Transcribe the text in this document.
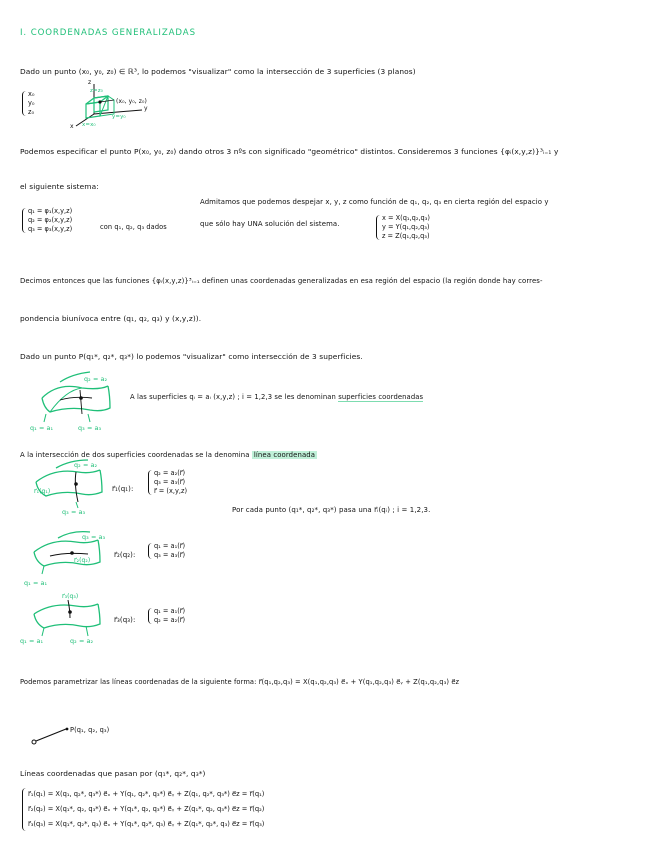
I. COORDENADAS GENERALIZADAS
Dado un punto (x₀, y₀, z₀) ∈ ℝ³, lo podemos "visualizar" como la intersección de 3 superficies (3 planos)
x₀
y₀
z₀
z
y
x
(x₀, y₀, z₀)
z=z₀
x=x₀
y=y₀
Podemos especificar el punto P(x₀, y₀, z₀) dando otros 3 nºs con significado "geométrico" distintos. Consideremos 3 funciones {φᵢ(x,y,z)}³ᵢ₌₁ y
el siguiente sistema:
q₁ = φ₁(x,y,z)
q₂ = φ₂(x,y,z)
q₃ = φ₃(x,y,z)	con q₁, q₂, q₃ dados
Admitamos que podemos despejar x, y, z como función de q₁, q₂, q₃ en cierta región del espacio y
que sólo hay UNA solución del sistema.
x = X(q₁,q₂,q₃)
y = Y(q₁,q₂,q₃)
z = Z(q₁,q₂,q₃)
Decimos entonces que las funciones {φᵢ(x,y,z)}³ᵢ₌₁ definen unas coordenadas generalizadas en esa región del espacio (la región donde hay corres-
pondencia biunívoca entre (q₁, q₂, q₃) y (x,y,z)).
Dado un punto P(q₁*, q₂*, q₃*) lo podemos "visualizar" como intersección de 3 superficies.
q₂ = a₂
q₁ = a₁	q₃ = a₃
A las superficies qᵢ = aᵢ (x,y,z) ; i = 1,2,3 se les denominan superficies coordenadas
A la intersección de dos superficies coordenadas se la denomina línea coordenada
q₂ = a₂
r⃗₁(q₁)
q₃ = a₃
r⃗₁(q₁):
q₂ = a₂(r⃗)
q₃ = a₃(r⃗)
r⃗ = (x,y,z)
Por cada punto (q₁*, q₂*, q₃*) pasa una r⃗ᵢ(qᵢ) ; i = 1,2,3.
q₃ = a₃
r⃗₂(q₂)
q₁ = a₁
r⃗₂(q₂):
q₁ = a₁(r⃗)
q₃ = a₃(r⃗)
r⃗₃(q₃)
q₁ = a₁	q₂ = a₂
r⃗₃(q₃):
q₁ = a₁(r⃗)
q₂ = a₂(r⃗)
Podemos parametrizar las líneas coordenadas de la siguiente forma: r⃗(q₁,q₂,q₃) = X(q₁,q₂,q₃) e⃗ₓ + Y(q₁,q₂,q₃) e⃗ᵧ + Z(q₁,q₂,q₃) e⃗z
P(q₁, q₂, q₃)
Líneas coordenadas que pasan por (q₁*, q₂*, q₃*)
r⃗₁(q₁) = X(q₁, q₂*, q₃*) e⃗ₓ + Y(q₁, q₂*, q₃*) e⃗ᵧ + Z(q₁, q₂*, q₃*) e⃗z = r⃗(q₁)
r⃗₂(q₂) = X(q₁*, q₂, q₃*) e⃗ₓ + Y(q₁*, q₂, q₃*) e⃗ᵧ + Z(q₁*, q₂, q₃*) e⃗z = r⃗(q₂)
r⃗₃(q₃) = X(q₁*, q₂*, q₃) e⃗ₓ + Y(q₁*, q₂*, q₃) e⃗ᵧ + Z(q₁*, q₂*, q₃) e⃗z = r⃗(q₃)
